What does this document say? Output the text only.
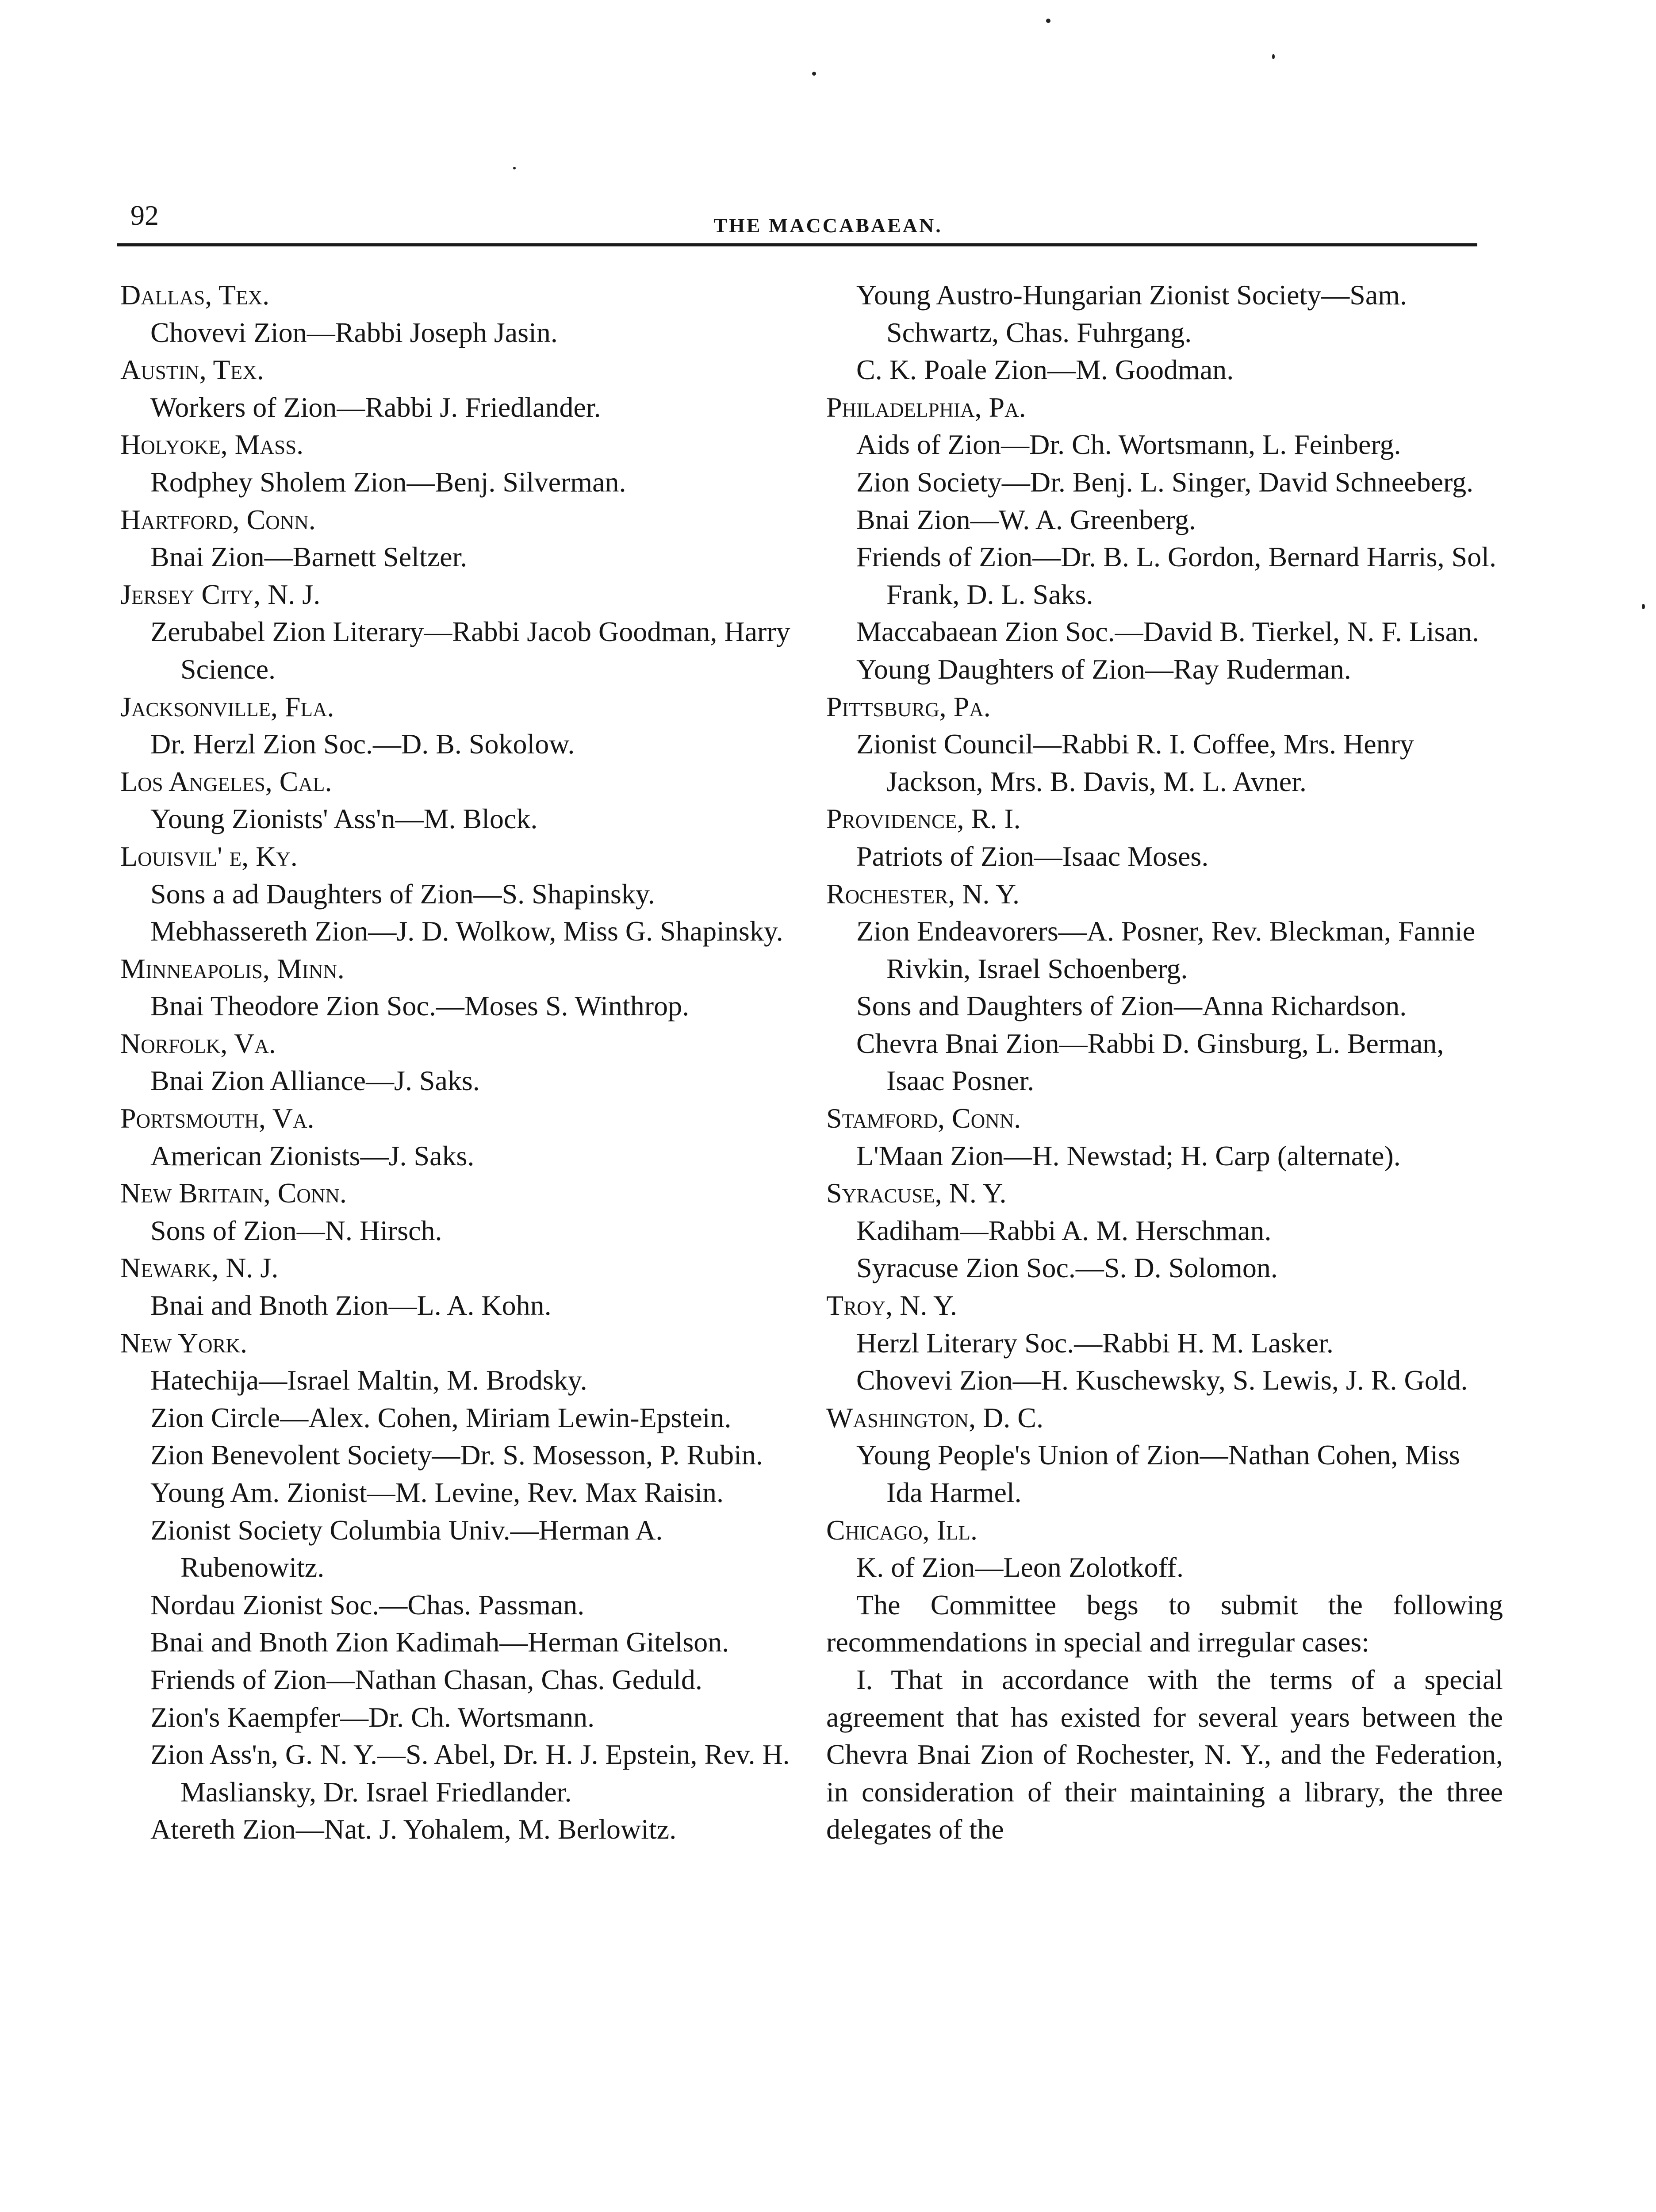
92	THE MACCABAEAN.
Dallas, Tex.
Chovevi Zion—Rabbi Joseph Jasin.
Austin, Tex.
Workers of Zion—Rabbi J. Friedlander.
Holyoke, Mass.
Rodphey Sholem Zion—Benj. Silverman.
Hartford, Conn.
Bnai Zion—Barnett Seltzer.
Jersey City, N. J.
Zerubabel Zion Literary—Rabbi Jacob Goodman, Harry Science.
Jacksonville, Fla.
Dr. Herzl Zion Soc.—D. B. Sokolow.
Los Angeles, Cal.
Young Zionists' Ass'n—M. Block.
Louisvil' e, Ky.
Sons a ad Daughters of Zion—S. Shapinsky.
Mebhassereth Zion—J. D. Wolkow, Miss G. Shapinsky.
Minneapolis, Minn.
Bnai Theodore Zion Soc.—Moses S. Winthrop.
Norfolk, Va.
Bnai Zion Alliance—J. Saks.
Portsmouth, Va.
American Zionists—J. Saks.
New Britain, Conn.
Sons of Zion—N. Hirsch.
Newark, N. J.
Bnai and Bnoth Zion—L. A. Kohn.
New York.
Hatechija—Israel Maltin, M. Brodsky.
Zion Circle—Alex. Cohen, Miriam Lewin-Epstein.
Zion Benevolent Society—Dr. S. Mosesson, P. Rubin.
Young Am. Zionist—M. Levine, Rev. Max Raisin.
Zionist Society Columbia Univ.—Herman A. Rubenowitz.
Nordau Zionist Soc.—Chas. Passman.
Bnai and Bnoth Zion Kadimah—Herman Gitelson.
Friends of Zion—Nathan Chasan, Chas. Geduld.
Zion's Kaempfer—Dr. Ch. Wortsmann.
Zion Ass'n, G. N. Y.—S. Abel, Dr. H. J. Epstein, Rev. H. Masliansky, Dr. Israel Friedlander.
Atereth Zion—Nat. J. Yohalem, M. Berlowitz.
Young Austro-Hungarian Zionist Society—Sam. Schwartz, Chas. Fuhrgang.
C. K. Poale Zion—M. Goodman.
Philadelphia, Pa.
Aids of Zion—Dr. Ch. Wortsmann, L. Feinberg.
Zion Society—Dr. Benj. L. Singer, David Schneeberg.
Bnai Zion—W. A. Greenberg.
Friends of Zion—Dr. B. L. Gordon, Bernard Harris, Sol. Frank, D. L. Saks.
Maccabaean Zion Soc.—David B. Tierkel, N. F. Lisan.
Young Daughters of Zion—Ray Ruderman.
Pittsburg, Pa.
Zionist Council—Rabbi R. I. Coffee, Mrs. Henry Jackson, Mrs. B. Davis, M. L. Avner.
Providence, R. I.
Patriots of Zion—Isaac Moses.
Rochester, N. Y.
Zion Endeavorers—A. Posner, Rev. Bleckman, Fannie Rivkin, Israel Schoenberg.
Sons and Daughters of Zion—Anna Richardson.
Chevra Bnai Zion—Rabbi D. Ginsburg, L. Berman, Isaac Posner.
Stamford, Conn.
L'Maan Zion—H. Newstad; H. Carp (alternate).
Syracuse, N. Y.
Kadiham—Rabbi A. M. Herschman.
Syracuse Zion Soc.—S. D. Solomon.
Troy, N. Y.
Herzl Literary Soc.—Rabbi H. M. Lasker.
Chovevi Zion—H. Kuschewsky, S. Lewis, J. R. Gold.
Washington, D. C.
Young People's Union of Zion—Nathan Cohen, Miss Ida Harmel.
Chicago, Ill.
K. of Zion—Leon Zolotkoff.
The Committee begs to submit the following recommendations in special and irregular cases:
I. That in accordance with the terms of a special agreement that has existed for several years between the Chevra Bnai Zion of Rochester, N. Y., and the Federation, in consideration of their maintaining a library, the three delegates of the
